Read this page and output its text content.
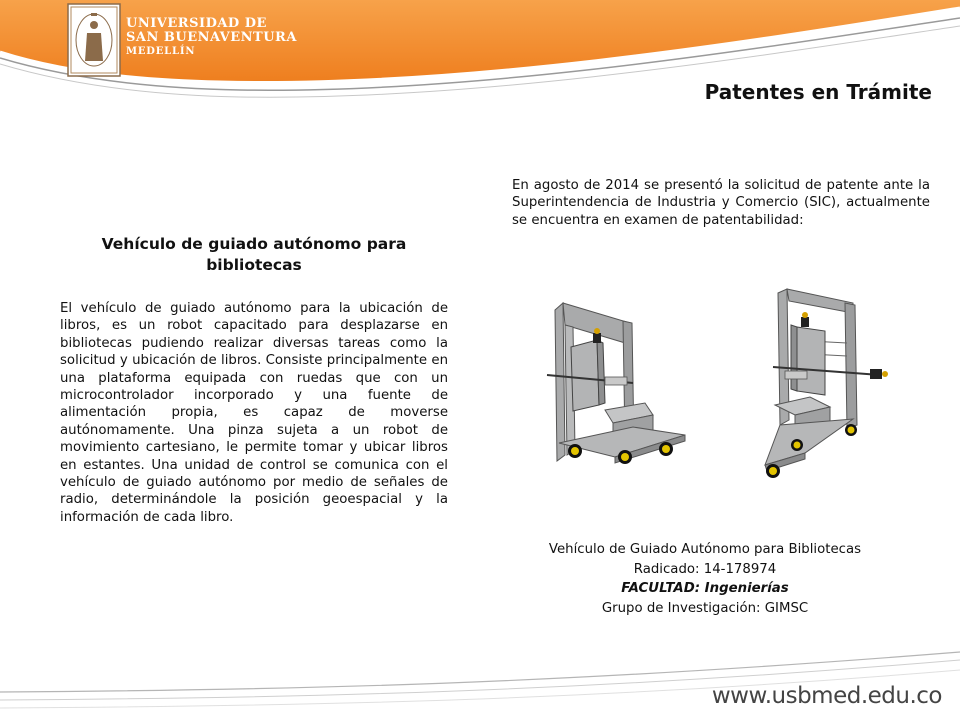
UNIVERSIDAD DE
SAN BUENAVENTURA
MEDELLÍN
Patentes en Trámite
Vehículo de guiado autónomo para bibliotecas
El vehículo de guiado autónomo para la ubicación de libros, es un robot capacitado para desplazarse en bibliotecas pudiendo realizar diversas tareas como la solicitud y ubicación de libros. Consiste principalmente en una plataforma equipada con ruedas que con un microcontrolador incorporado y una fuente de alimentación propia, es capaz de moverse autónomamente. Una pinza sujeta a un robot de movimiento cartesiano, le permite tomar y ubicar libros en estantes. Una unidad de control se comunica con el vehículo de guiado autónomo por medio de señales de radio, determinándole la posición geoespacial y la información de cada libro.
En agosto de 2014 se presentó la solicitud de patente ante la Superintendencia de Industria y Comercio (SIC), actualmente se encuentra en examen de patentabilidad:
Vehículo de Guiado Autónomo para Bibliotecas
Radicado: 14-178974
FACULTAD: Ingenierías
Grupo de Investigación: GIMSC
www.usbmed.edu.co
